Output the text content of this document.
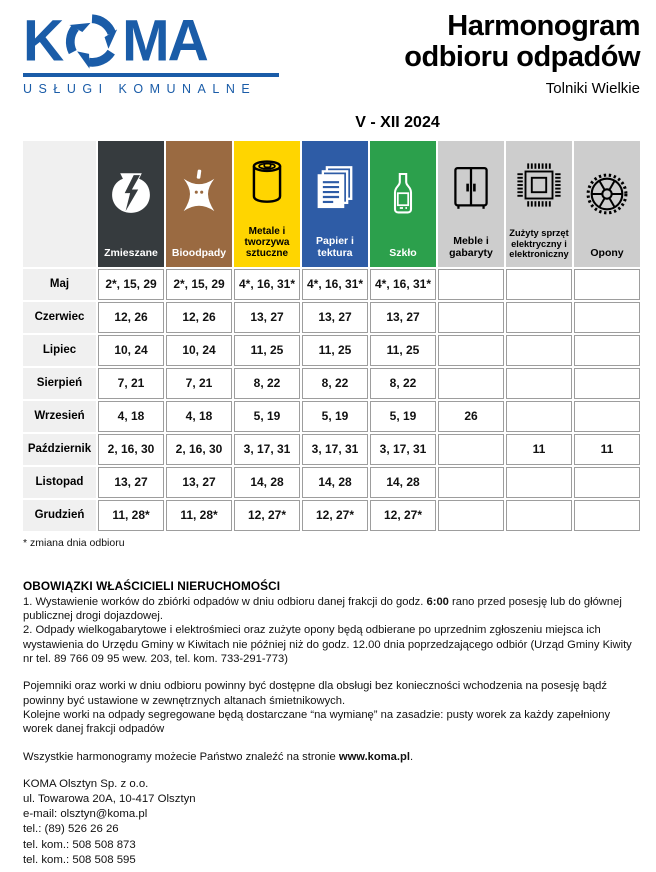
K MA
USŁUGI KOMUNALNE
Harmonogram
odbioru odpadów
Tolniki Wielkie
V - XII 2024

	Zmieszane	Bioodpady	Metale i tworzywa sztuczne	Papier i tektura	Szkło	Meble i gabaryty	Zużyty sprzęt elektryczny i elektroniczny	Opony

Maj	2*, 15, 29	2*, 15, 29	4*, 16, 31*	4*, 16, 31*	4*, 16, 31*			
Czerwiec	12, 26	12, 26	13, 27	13, 27	13, 27			
Lipiec	10, 24	10, 24	11, 25	11, 25	11, 25			
Sierpień	7, 21	7, 21	8, 22	8, 22	8, 22			
Wrzesień	4, 18	4, 18	5, 19	5, 19	5, 19	26		
Październik	2, 16, 30	2, 16, 30	3, 17, 31	3, 17, 31	3, 17, 31		11	11
Listopad	13, 27	13, 27	14, 28	14, 28	14, 28			
Grudzień	11, 28*	11, 28*	12, 27*	12, 27*	12, 27*			
* zmiana dnia odbioru
OBOWIĄZKI WŁAŚCICIELI NIERUCHOMOŚCI

1. Wystawienie worków do zbiórki odpadów w dniu odbioru danej frakcji do godz. 6:00 rano przed posesję lub do głównej publicznej drogi dojazdowej.

2. Odpady wielkogabarytowe i elektrośmieci oraz zużyte opony będą odbierane po uprzednim zgłoszeniu miejsca ich wystawienia do Urzędu Gminy w Kiwitach nie później niż do godz. 12.00 dnia poprzedzającego odbiór (Urząd Gminy Kiwity nr tel. 89 766 09 95 wew. 203, tel. kom. 733-291-773)

Pojemniki oraz worki w dniu odbioru powinny być dostępne dla obsługi bez konieczności wchodzenia na posesję bądź powinny być ustawione w zewnętrznych altanach śmietnikowych.

Kolejne worki na odpady segregowane będą dostarczane “na wymianę” na zasadzie: pusty worek za każdy zapełniony worek danej frakcji odpadów

Wszystkie harmonogramy możecie Państwo znaleźć na stronie www.koma.pl.

KOMA Olsztyn Sp. z o.o.
ul. Towarowa 20A, 10-417 Olsztyn
e-mail: olsztyn@koma.pl
tel.: (89) 526 26 26
tel. kom.: 508 508 873
tel. kom.: 508 508 595
